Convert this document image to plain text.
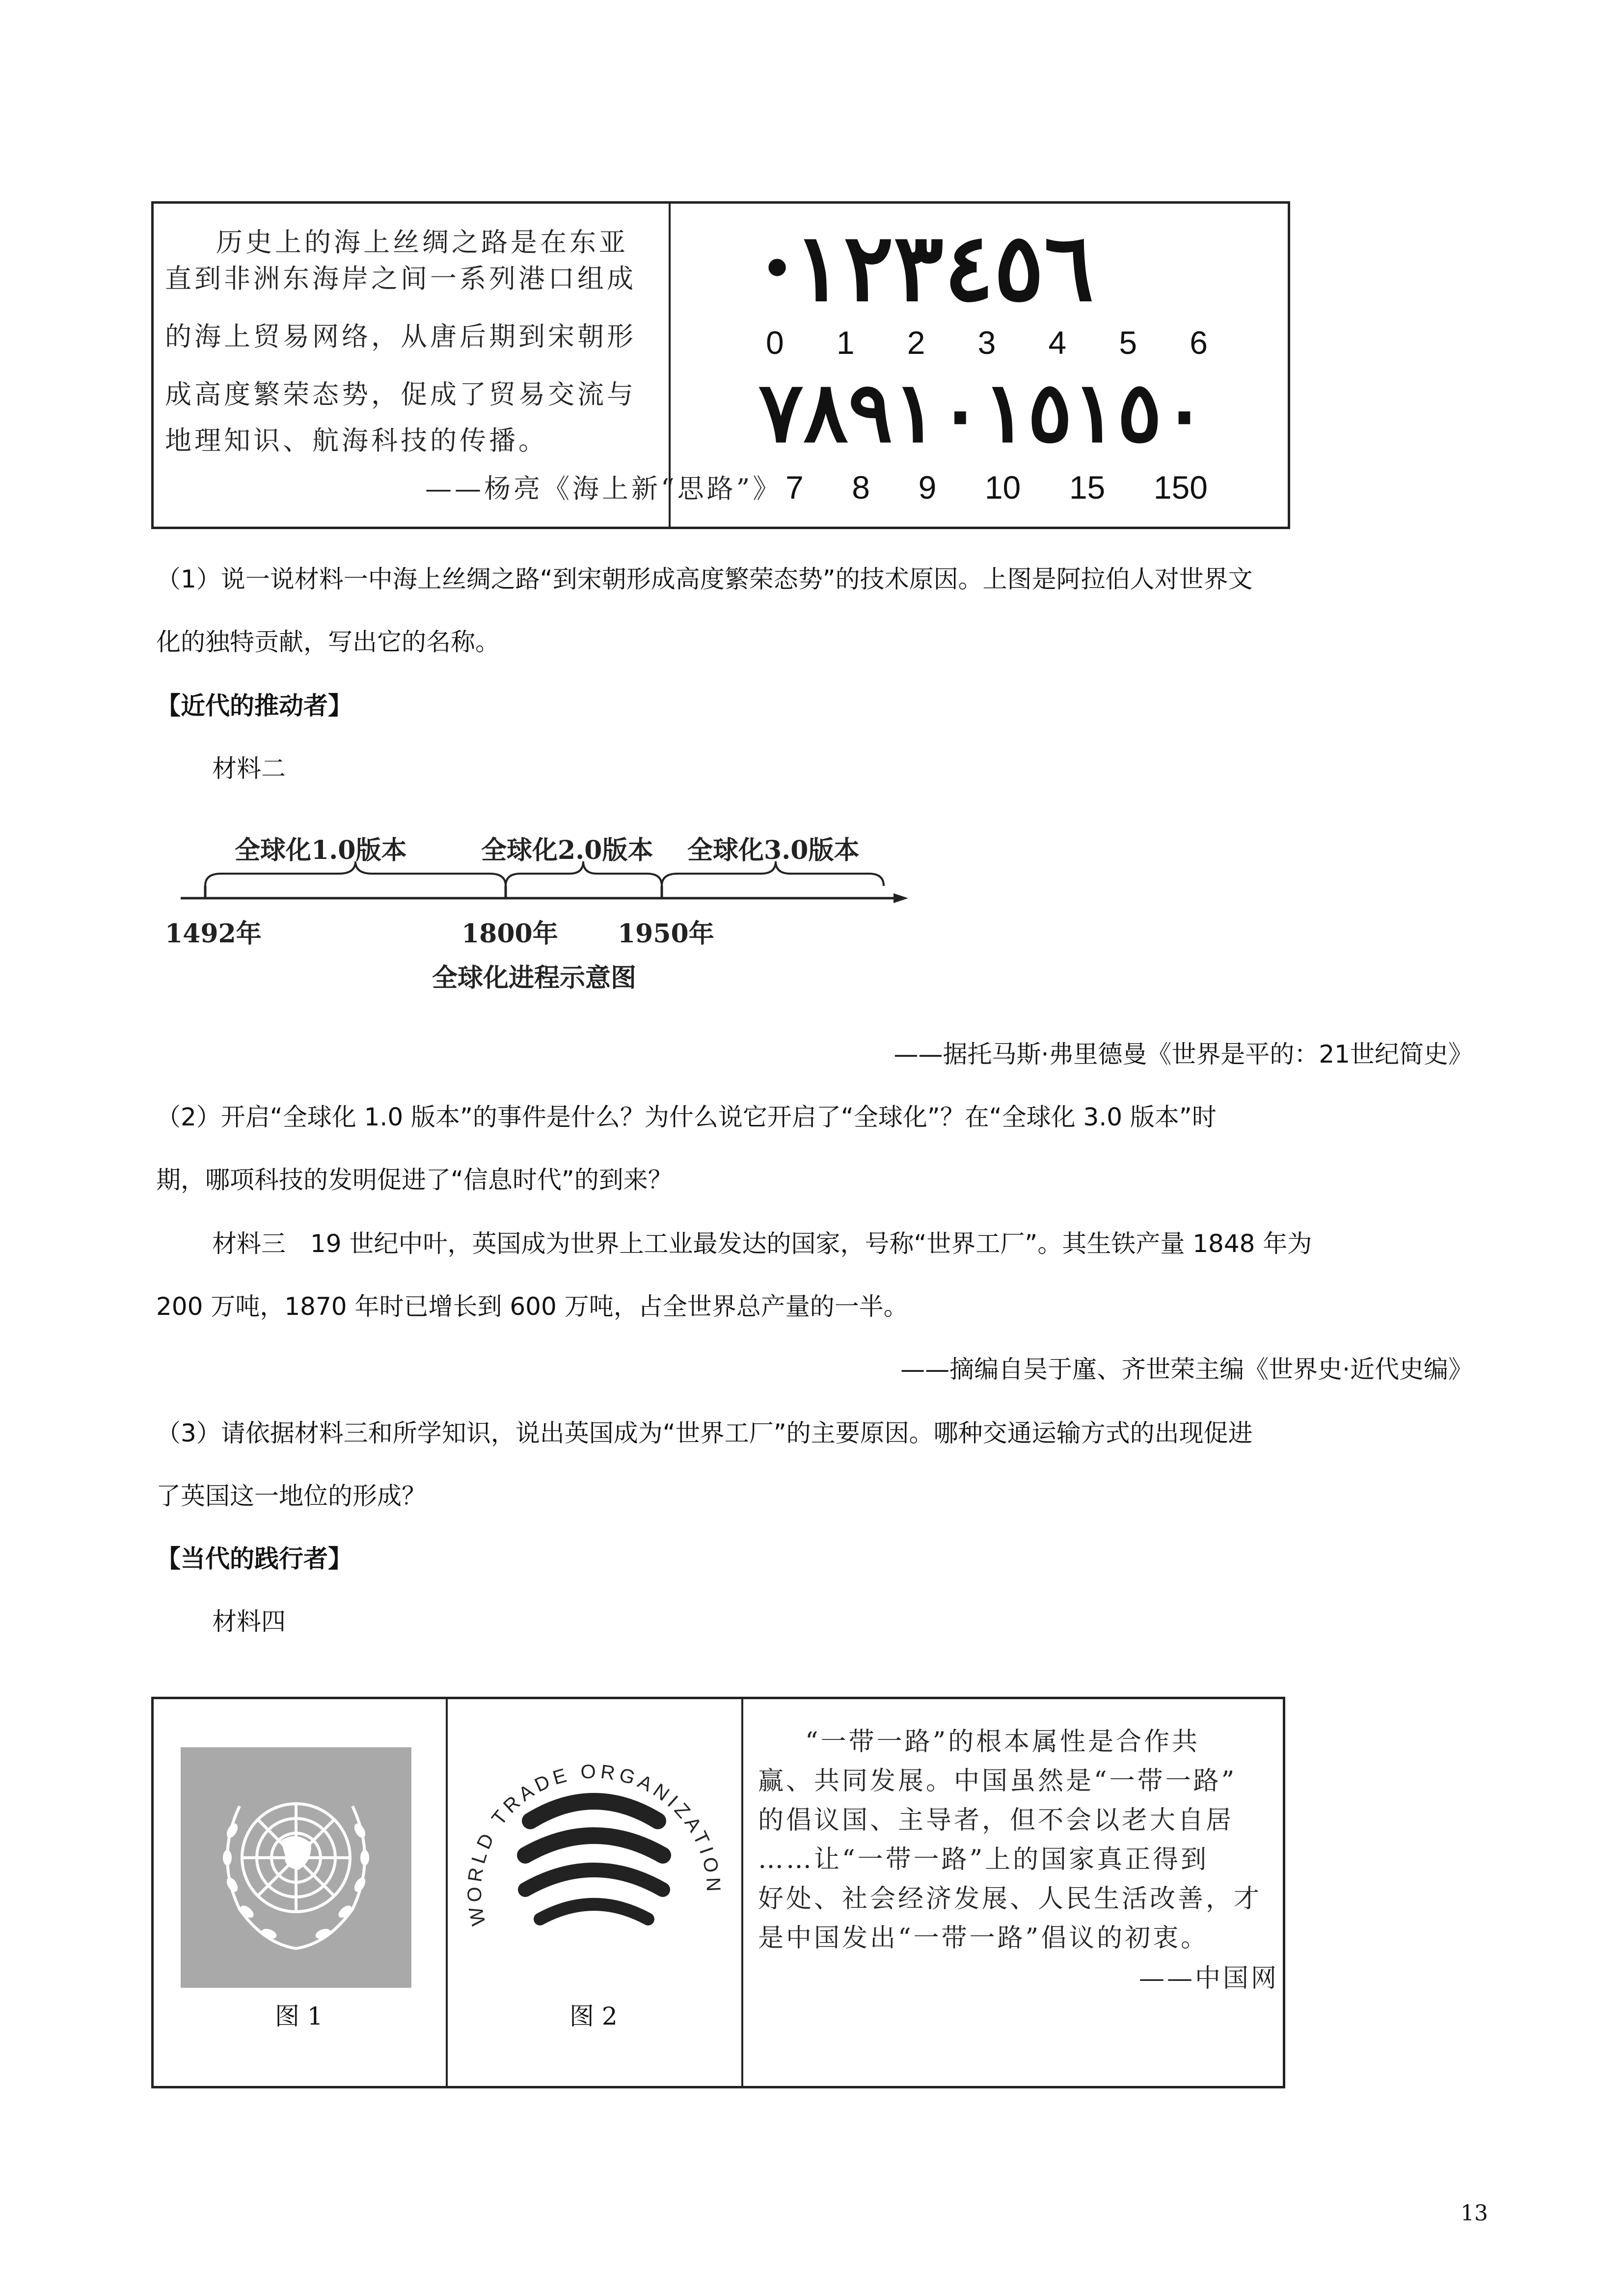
历史上的海上丝绸之路是在东亚
直到非洲东海岸之间一系列港口组成
的海上贸易网络，从唐后期到宋朝形
成高度繁荣态势，促成了贸易交流与
地理知识、航海科技的传播。
——杨亮《海上新“思路”》
·١٢٣٤٥٦
0 1 2 3 4 5 6
٧٨٩١٠١٥١٥٠
7 8 9 10 15 150
（1）说一说材料一中海上丝绸之路“到宋朝形成高度繁荣态势”的技术原因。上图是阿拉伯人对世界文
化的独特贡献，写出它的名称。
【近代的推动者】
材料二
全球化1.0版本	全球化2.0版本 全球化3.0版本
1492年	1800年 1950年
全球化进程示意图
——据托马斯·弗里德曼《世界是平的：21世纪简史》
（2）开启“全球化 1.0 版本”的事件是什么？为什么说它开启了“全球化”？在“全球化 3.0 版本”时
期，哪项科技的发明促进了“信息时代”的到来？
材料三　19 世纪中叶，英国成为世界上工业最发达的国家，号称“世界工厂”。其生铁产量 1848 年为
200 万吨，1870 年时已增长到 600 万吨，占全世界总产量的一半。
——摘编自吴于廑、齐世荣主编《世界史·近代史编》
（3）请依据材料三和所学知识，说出英国成为“世界工厂”的主要原因。哪种交通运输方式的出现促进
了英国这一地位的形成？
【当代的践行者】
材料四
图 1
WORLD TRADE ORGANIZATION
图 2
“一带一路”的根本属性是合作共
赢、共同发展。中国虽然是“一带一路”
的倡议国、主导者，但不会以老大自居
……让“一带一路”上的国家真正得到
好处、社会经济发展、人民生活改善，才
是中国发出“一带一路”倡议的初衷。
——中国网
13
